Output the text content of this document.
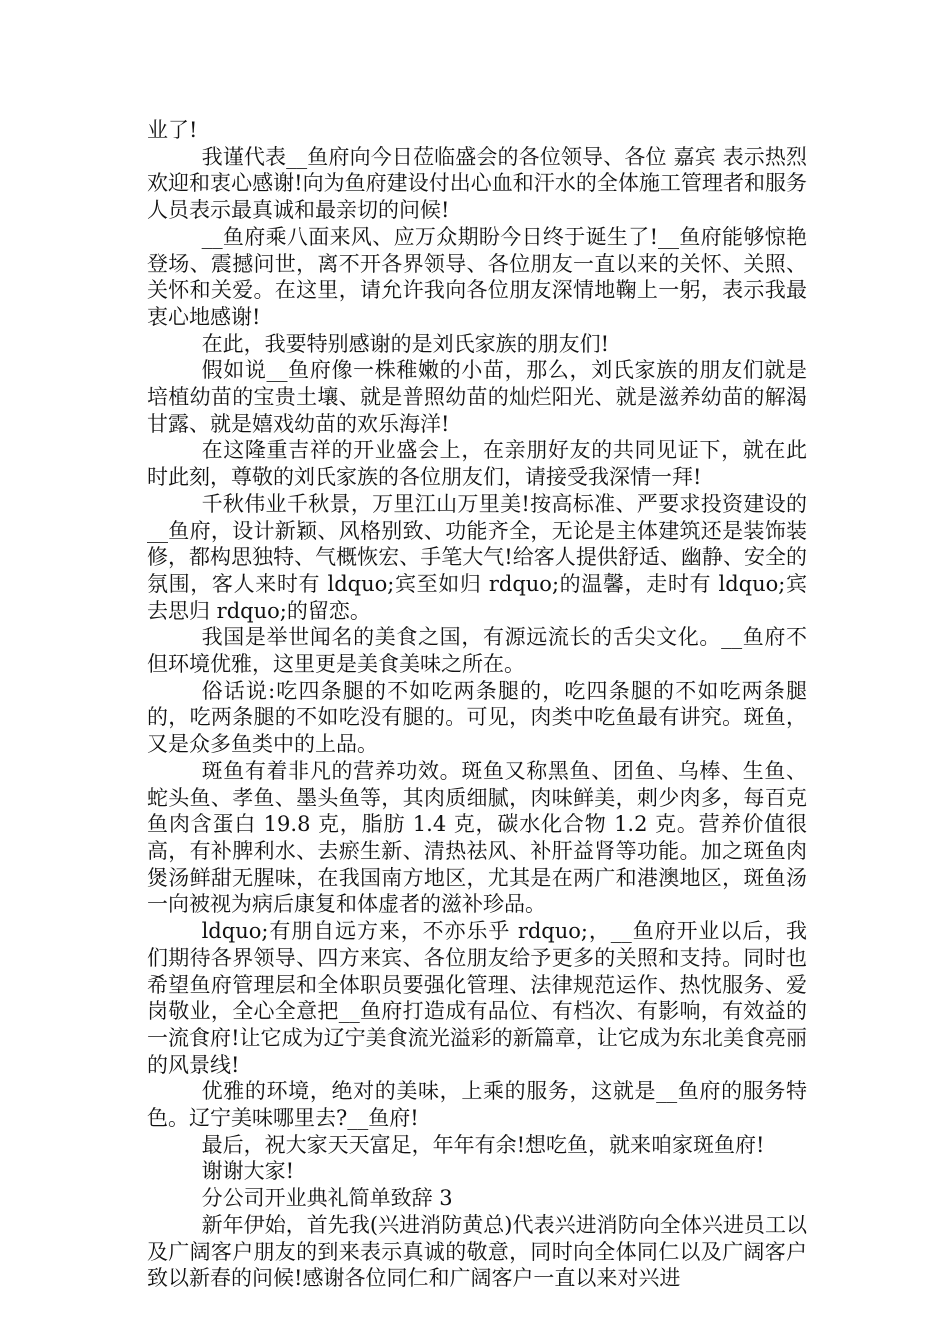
业了!

我谨代表__鱼府向今日莅临盛会的各位领导、各位 嘉宾 表示热烈欢迎和衷心感谢!向为鱼府建设付出心血和汗水的全体施工管理者和服务人员表示最真诚和最亲切的问候!

__鱼府乘八面来风、应万众期盼今日终于诞生了!__鱼府能够惊艳登场、震撼问世，离不开各界领导、各位朋友一直以来的关怀、关照、关怀和关爱。在这里，请允许我向各位朋友深情地鞠上一躬，表示我最衷心地感谢!

在此，我要特别感谢的是刘氏家族的朋友们!

假如说__鱼府像一株稚嫩的小苗，那么，刘氏家族的朋友们就是培植幼苗的宝贵土壤、就是普照幼苗的灿烂阳光、就是滋养幼苗的解渴甘露、就是嬉戏幼苗的欢乐海洋!

在这隆重吉祥的开业盛会上，在亲朋好友的共同见证下，就在此时此刻，尊敬的刘氏家族的各位朋友们，请接受我深情一拜!

千秋伟业千秋景，万里江山万里美!按高标准、严要求投资建设的__鱼府，设计新颖、风格别致、功能齐全，无论是主体建筑还是装饰装修，都构思独特、气概恢宏、手笔大气!给客人提供舒适、幽静、安全的氛围，客人来时有 ldquo;宾至如归 rdquo;的温馨，走时有 ldquo;宾去思归 rdquo;的留恋。

我国是举世闻名的美食之国，有源远流长的舌尖文化。__鱼府不但环境优雅，这里更是美食美味之所在。

俗话说:吃四条腿的不如吃两条腿的，吃四条腿的不如吃两条腿的，吃两条腿的不如吃没有腿的。可见，肉类中吃鱼最有讲究。斑鱼，又是众多鱼类中的上品。

斑鱼有着非凡的营养功效。斑鱼又称黑鱼、团鱼、乌棒、生鱼、蛇头鱼、孝鱼、墨头鱼等，其肉质细腻，肉味鲜美，刺少肉多，每百克鱼肉含蛋白 19.8 克，脂肪 1.4 克，碳水化合物 1.2 克。营养价值很高，有补脾利水、去瘀生新、清热祛风、补肝益肾等功能。加之斑鱼肉煲汤鲜甜无腥味，在我国南方地区，尤其是在两广和港澳地区，斑鱼汤一向被视为病后康复和体虚者的滋补珍品。

ldquo;有朋自远方来，不亦乐乎 rdquo;，__鱼府开业以后，我们期待各界领导、四方来宾、各位朋友给予更多的关照和支持。同时也希望鱼府管理层和全体职员要强化管理、法律规范运作、热忱服务、爱岗敬业，全心全意把__鱼府打造成有品位、有档次、有影响，有效益的一流食府!让它成为辽宁美食流光溢彩的新篇章，让它成为东北美食亮丽的风景线!

优雅的环境，绝对的美味，上乘的服务，这就是__鱼府的服务特色。辽宁美味哪里去?__鱼府!

最后，祝大家天天富足，年年有余!想吃鱼，就来咱家斑鱼府!

谢谢大家!

分公司开业典礼简单致辞 3

新年伊始，首先我(兴进消防黄总)代表兴进消防向全体兴进员工以及广阔客户朋友的到来表示真诚的敬意，同时向全体同仁以及广阔客户致以新春的问候!感谢各位同仁和广阔客户一直以来对兴进
